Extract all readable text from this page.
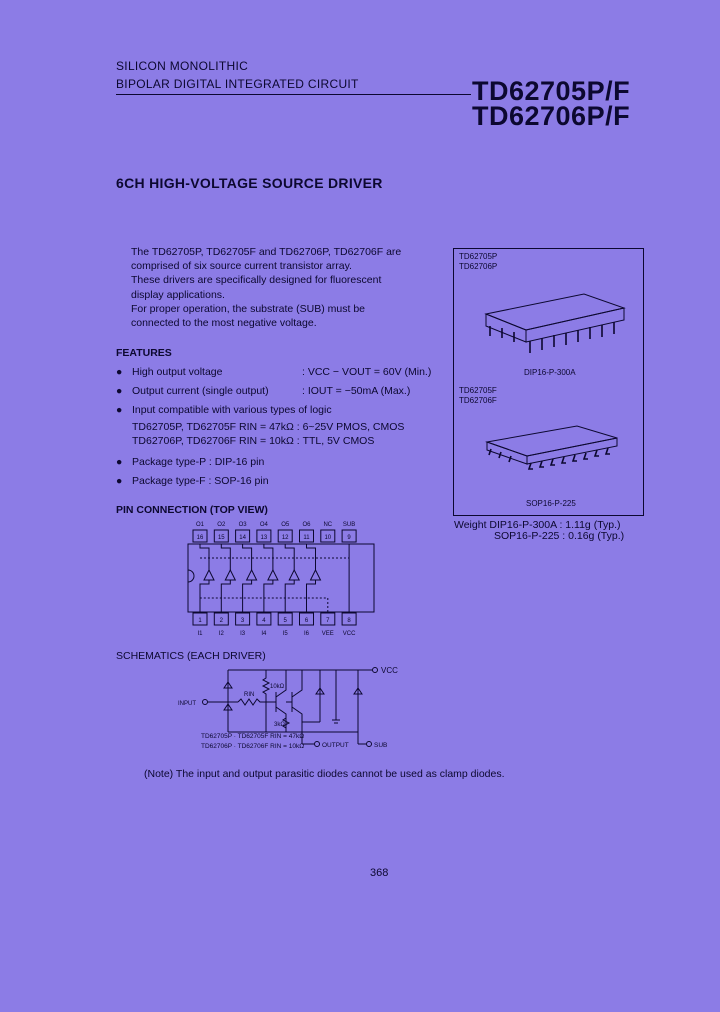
SILICON MONOLITHIC
BIPOLAR DIGITAL INTEGRATED CIRCUIT	TD62705P/F
TD62706P/F
6CH HIGH-VOLTAGE SOURCE DRIVER
The TD62705P, TD62705F and TD62706P, TD62706F are
comprised of six source current transistor array.
These drivers are specifically designed for fluorescent
display applications.
For proper operation, the substrate (SUB) must be
connected to the most negative voltage.
TD62705P
TD62706P
DIP16-P-300A
TD62705F
TD62706F
SOP16-P-225
Weight DIP16-P-300A : 1.11g (Typ.)
SOP16-P-225 : 0.16g (Typ.)
FEATURES
● High output voltage	: VCC − VOUT = 60V (Min.)
● Output current (single output)	: IOUT = −50mA (Max.)
● Input compatible with various types of logic
TD62705P, TD62705F RIN = 47kΩ : 6~25V PMOS, CMOS
TD62706P, TD62706F RIN = 10kΩ : TTL, 5V CMOS
● Package type-P : DIP-16 pin
● Package type-F : SOP-16 pin
PIN CONNECTION (TOP VIEW)
O1 O2 O3 O4 O5 O6 NC SUB
16 15 14 13 12 11 10	9
1	2	3	4	5	6	7	8
I1	I2	I3	I4	I5	I6 VEE VCC
SCHEMATICS (EACH DRIVER)
VCC
INPUT
10kΩ
RIN
3kΩ
OUTPUT	SUB
TD62705P · TD62705F RIN = 47kΩ
TD62706P · TD62706F RIN = 10kΩ
(Note) The input and output parasitic diodes cannot be used as clamp diodes.
368
